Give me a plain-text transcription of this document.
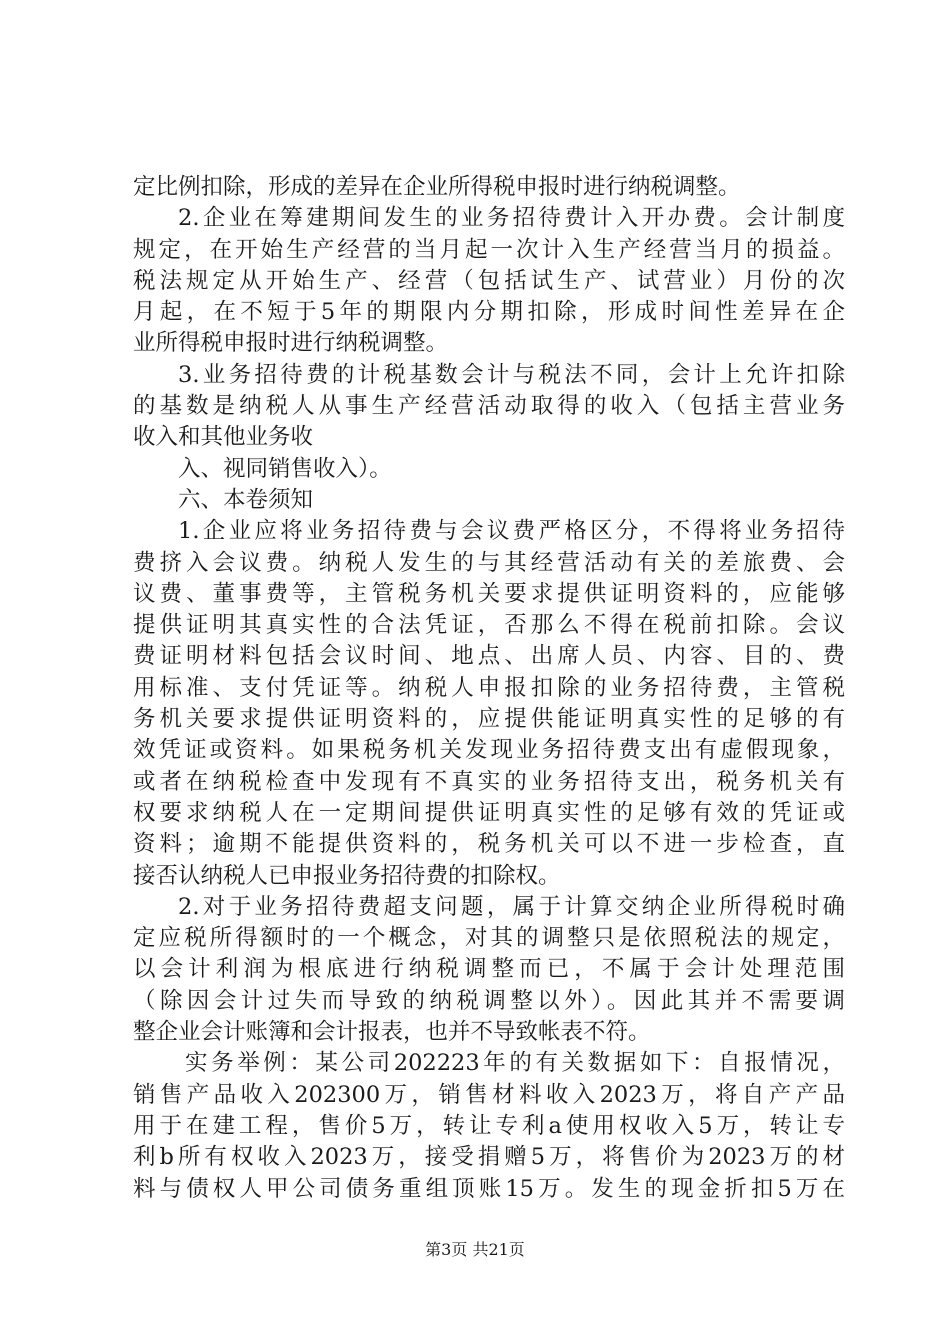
定比例扣除，形成的差异在企业所得税申报时进行纳税调整。
2.企业在筹建期间发生的业务招待费计入开办费。会计制度
规定，在开始生产经营的当月起一次计入生产经营当月的损益。
税法规定从开始生产、经营（包括试生产、试营业）月份的次
月起，在不短于5年的期限内分期扣除，形成时间性差异在企
业所得税申报时进行纳税调整。
3.业务招待费的计税基数会计与税法不同，会计上允许扣除
的基数是纳税人从事生产经营活动取得的收入（包括主营业务
收入和其他业务收
入、视同销售收入）。
六、本卷须知
1.企业应将业务招待费与会议费严格区分，不得将业务招待
费挤入会议费。纳税人发生的与其经营活动有关的差旅费、会
议费、董事费等，主管税务机关要求提供证明资料的，应能够
提供证明其真实性的合法凭证，否那么不得在税前扣除。会议
费证明材料包括会议时间、地点、出席人员、内容、目的、费
用标准、支付凭证等。纳税人申报扣除的业务招待费，主管税
务机关要求提供证明资料的，应提供能证明真实性的足够的有
效凭证或资料。如果税务机关发现业务招待费支出有虚假现象，
或者在纳税检查中发现有不真实的业务招待支出，税务机关有
权要求纳税人在一定期间提供证明真实性的足够有效的凭证或
资料；逾期不能提供资料的，税务机关可以不进一步检查，直
接否认纳税人已申报业务招待费的扣除权。
2.对于业务招待费超支问题，属于计算交纳企业所得税时确
定应税所得额时的一个概念，对其的调整只是依照税法的规定，
以会计利润为根底进行纳税调整而已，不属于会计处理范围
（除因会计过失而导致的纳税调整以外）。因此其并不需要调
整企业会计账簿和会计报表，也并不导致帐表不符。
实务举例：某公司202223年的有关数据如下：自报情况，
销售产品收入202300万，销售材料收入2023万，将自产产品
用于在建工程，售价5万，转让专利a使用权收入5万，转让专
利b所有权收入2023万，接受捐赠5万，将售价为2023万的材
料与债权人甲公司债务重组顶账15万。发生的现金折扣5万在
第3页 共21页
